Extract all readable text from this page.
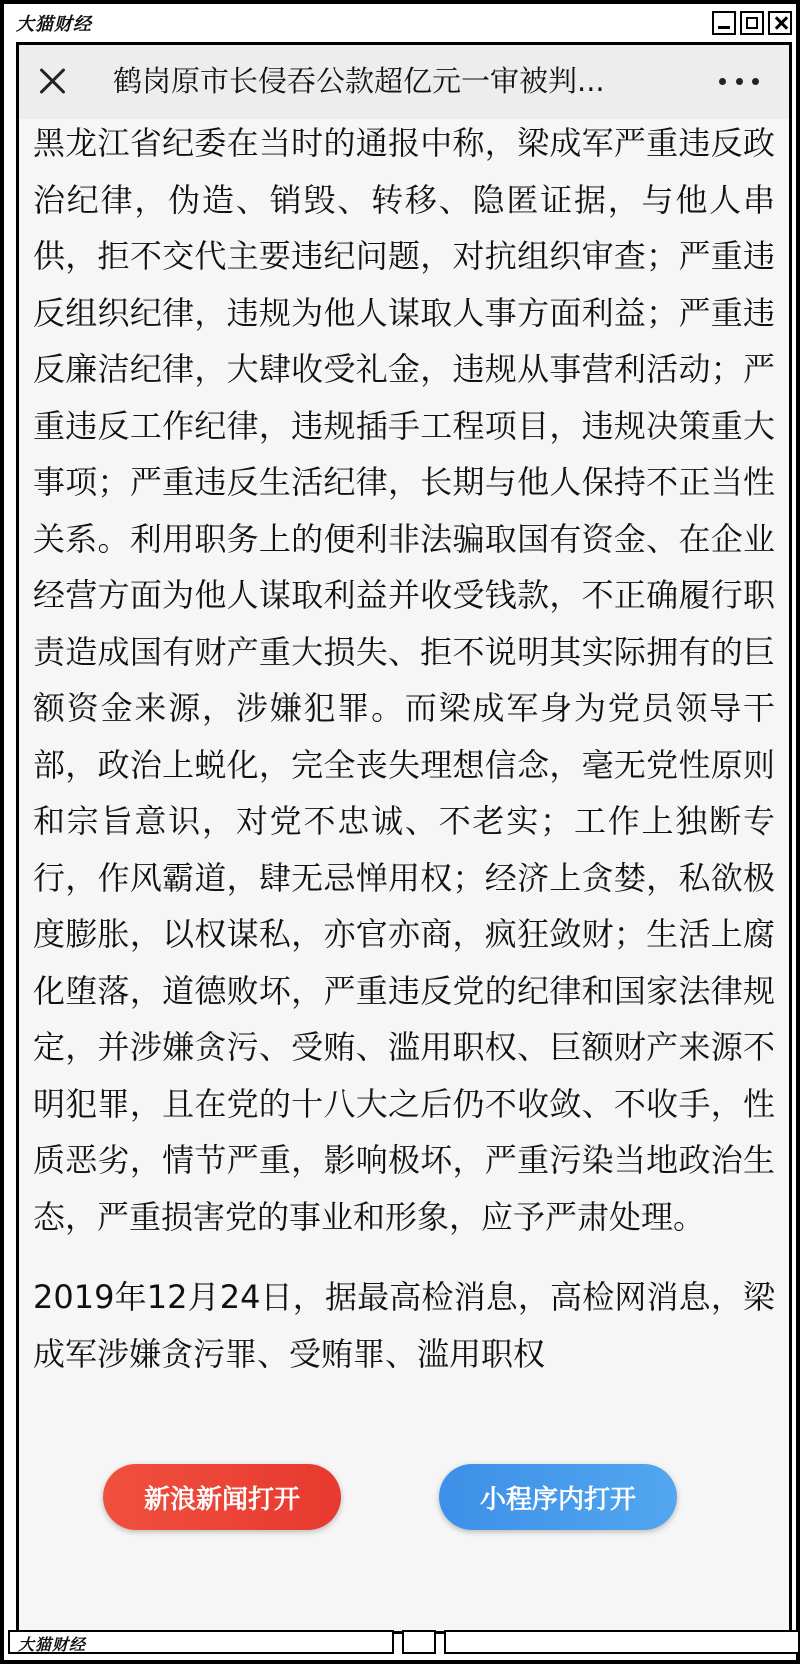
大猫财经
鹤岗原市长侵吞公款超亿元一审被判...

黑龙江省纪委在当时的通报中称，梁成军严重违反政治纪律，伪造、销毁、转移、隐匿证据，与他人串供，拒不交代主要违纪问题，对抗组织审查；严重违反组织纪律，违规为他人谋取人事方面利益；严重违反廉洁纪律，大肆收受礼金，违规从事营利活动；严重违反工作纪律，违规插手工程项目，违规决策重大事项；严重违反生活纪律，长期与他人保持不正当性关系。利用职务上的便利非法骗取国有资金、在企业经营方面为他人谋取利益并收受钱款，不正确履行职责造成国有财产重大损失、拒不说明其实际拥有的巨额资金来源，涉嫌犯罪。而梁成军身为党员领导干部，政治上蜕化，完全丧失理想信念，毫无党性原则和宗旨意识，对党不忠诚、不老实；工作上独断专行，作风霸道，肆无忌惮用权；经济上贪婪，私欲极度膨胀，以权谋私，亦官亦商，疯狂敛财；生活上腐化堕落，道德败坏，严重违反党的纪律和国家法律规定，并涉嫌贪污、受贿、滥用职权、巨额财产来源不明犯罪，且在党的十八大之后仍不收敛、不收手，性质恶劣，情节严重，影响极坏，严重污染当地政治生态，严重损害党的事业和形象，应予严肃处理。

2019年12月24日，据最高检消息，高检网消息，梁成军涉嫌贪污罪、受贿罪、滥用职权

新浪新闻打开	小程序内打开
大猫财经
